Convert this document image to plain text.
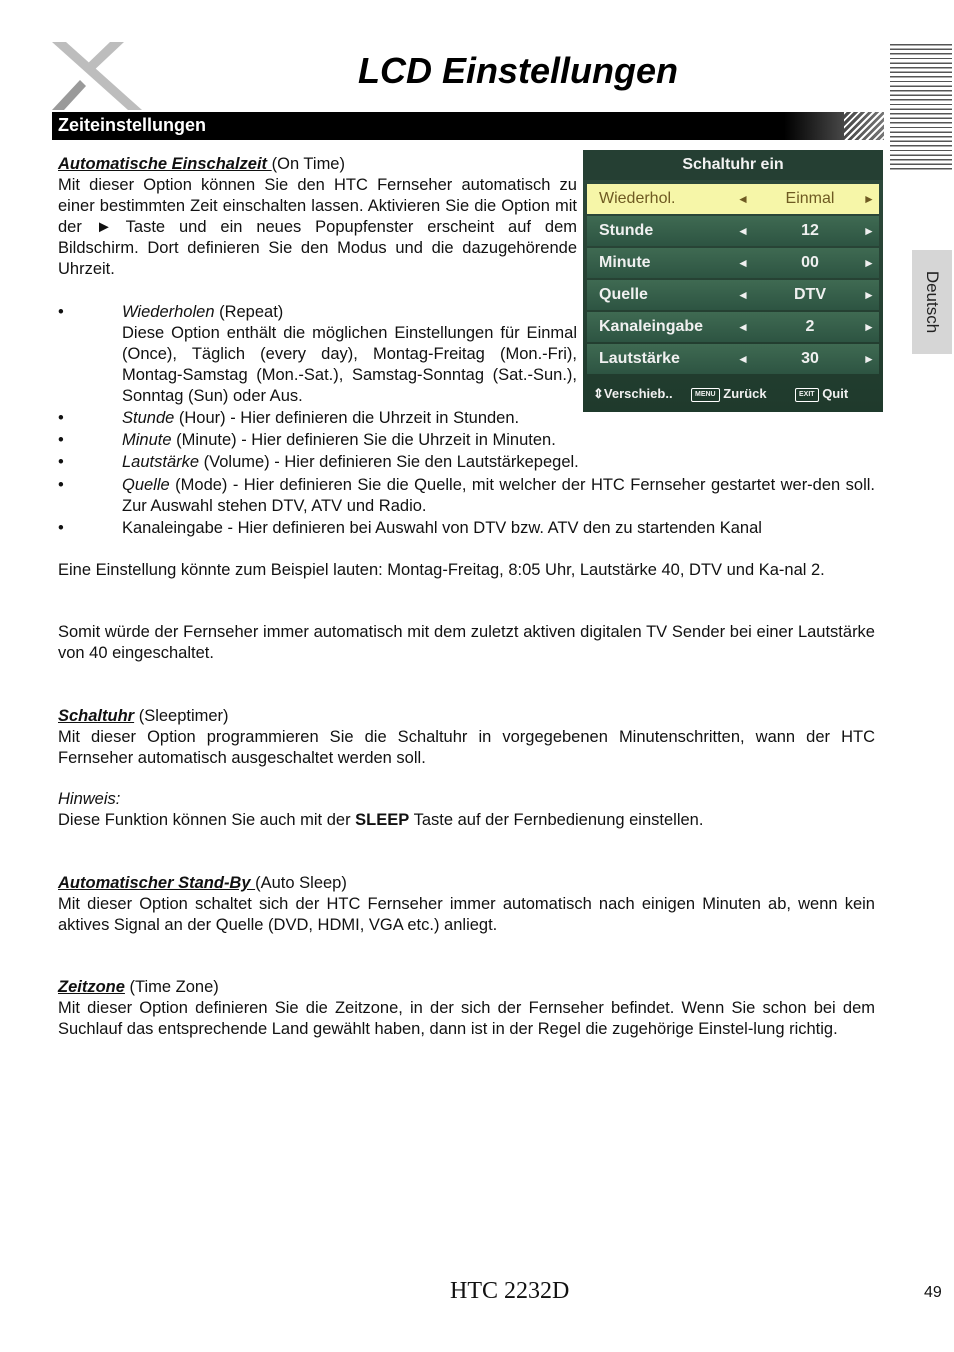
LCD Einstellungen
Deutsch
Zeiteinstellungen
Automatische Einschalzeit (On Time)
Mit dieser Option können Sie den HTC Fernseher automatisch zu einer bestimmten Zeit einschalten lassen. Aktivieren Sie die Option mit der ► Taste und ein neues Popupfenster erscheint auf dem Bildschirm. Dort definieren Sie den Modus und die dazugehörende Uhrzeit.
•	Wiederholen (Repeat)
Diese Option enthält die möglichen Einstellungen für Einmal (Once), Täglich (every day), Montag-Freitag (Mon.-Fri), Montag-Samstag (Mon.-Sat.), Samstag-Sonntag (Sat.-Sun.), Sonntag (Sun) oder Aus.
•	Stunde (Hour) - Hier definieren die Uhrzeit in Stunden.
•	Minute (Minute) - Hier definieren Sie die Uhrzeit in Minuten.
•	Lautstärke (Volume) - Hier definieren Sie den Lautstärkepegel.
•	Quelle (Mode) - Hier definieren Sie die Quelle, mit welcher der HTC Fernseher gestartet wer-den soll. Zur Auswahl stehen DTV, ATV und Radio.
•	Kanaleingabe - Hier definieren bei Auswahl von DTV bzw. ATV den zu startenden Kanal
Eine Einstellung könnte zum Beispiel lauten: Montag-Freitag, 8:05 Uhr, Lautstärke 40, DTV und Ka-nal 2.
Somit würde der Fernseher immer automatisch mit dem zuletzt aktiven digitalen TV Sender bei einer Lautstärke von 40 eingeschaltet.
Schaltuhr ein
Wiederhol.	◄	Einmal	►
Stunde	◄	12	►
Minute	◄	00	►
Quelle	◄	DTV	►
Kanaleingabe	◄	2	►
Lautstärke	◄	30	►
⇕Verschieb..	MENU Zurück	EXIT Quit
Schaltuhr (Sleeptimer)
Mit dieser Option programmieren Sie die Schaltuhr in vorgegebenen Minutenschritten, wann der HTC Fernseher automatisch ausgeschaltet werden soll.
Hinweis:
Diese Funktion können Sie auch mit der SLEEP Taste auf der Fernbedienung einstellen.
Automatischer Stand-By (Auto Sleep)
Mit dieser Option schaltet sich der HTC Fernseher immer automatisch nach einigen Minuten ab, wenn kein aktives Signal an der Quelle (DVD, HDMI, VGA etc.) anliegt.
Zeitzone (Time Zone)
Mit dieser Option definieren Sie die Zeitzone, in der sich der Fernseher befindet. Wenn Sie schon bei dem Suchlauf das entsprechende Land gewählt haben, dann ist in der Regel die zugehörige Einstel-lung richtig.
HTC 2232D	49
